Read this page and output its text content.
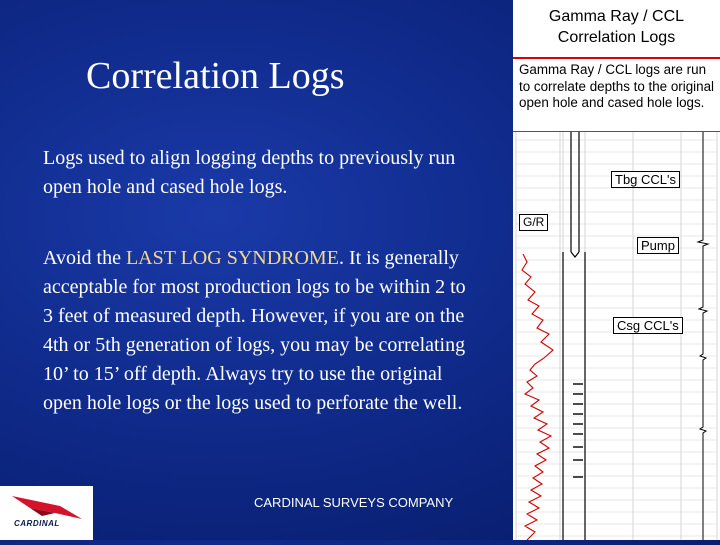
Correlation Logs

Logs used to align logging depths to previously run open hole and cased hole logs.

Avoid the LAST LOG SYNDROME. It is generally acceptable for most production logs to be within 2 to 3 feet of measured depth. However, if you are on the 4th or 5th generation of logs, you may be correlating 10’ to 15’ off depth. Always try to use the original open hole logs or the logs used to perforate the well.

CARDINAL SURVEYS COMPANY
CARDINAL
Gamma Ray / CCL
Correlation Logs
Gamma Ray / CCL logs are run to correlate depths to the original open hole and cased hole logs.
Tbg CCL's
Pump
Csg CCL's
G/R
